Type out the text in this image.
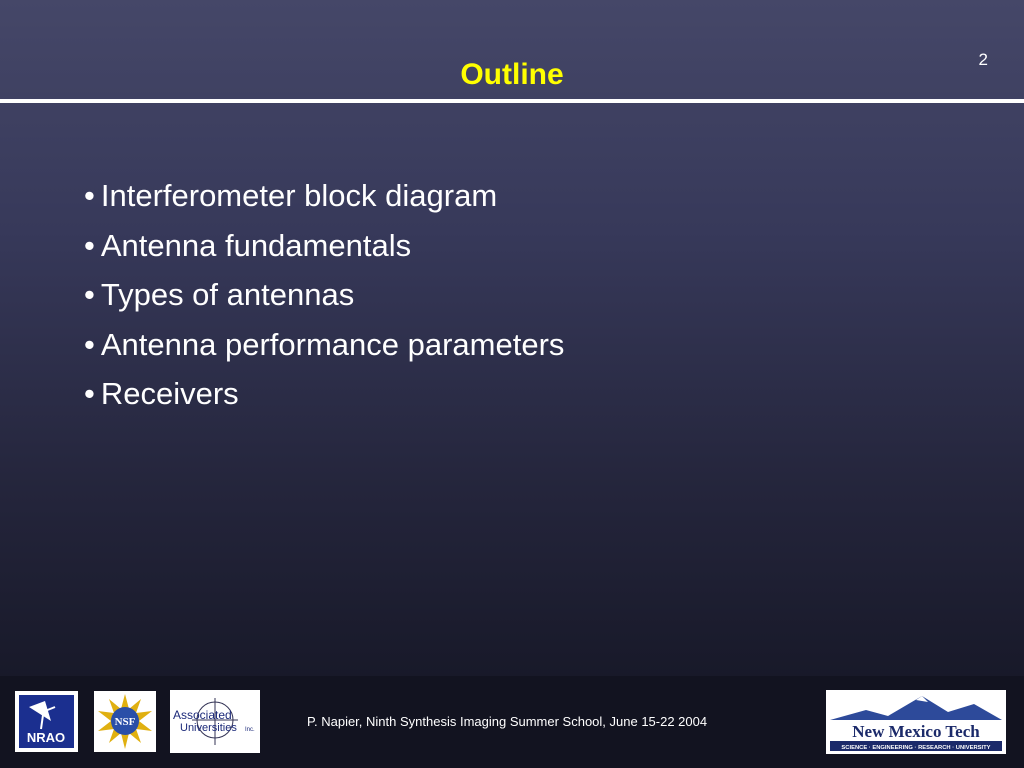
2
Outline
• Interferometer block diagram
• Antenna fundamentals
• Types of antennas
• Antenna performance parameters
• Receivers
NRAO
NSF	Associated
Universities Inc.
P. Napier, Ninth Synthesis Imaging Summer School, June 15-22 2004
New Mexico Tech
SCIENCE · ENGINEERING · RESEARCH · UNIVERSITY
